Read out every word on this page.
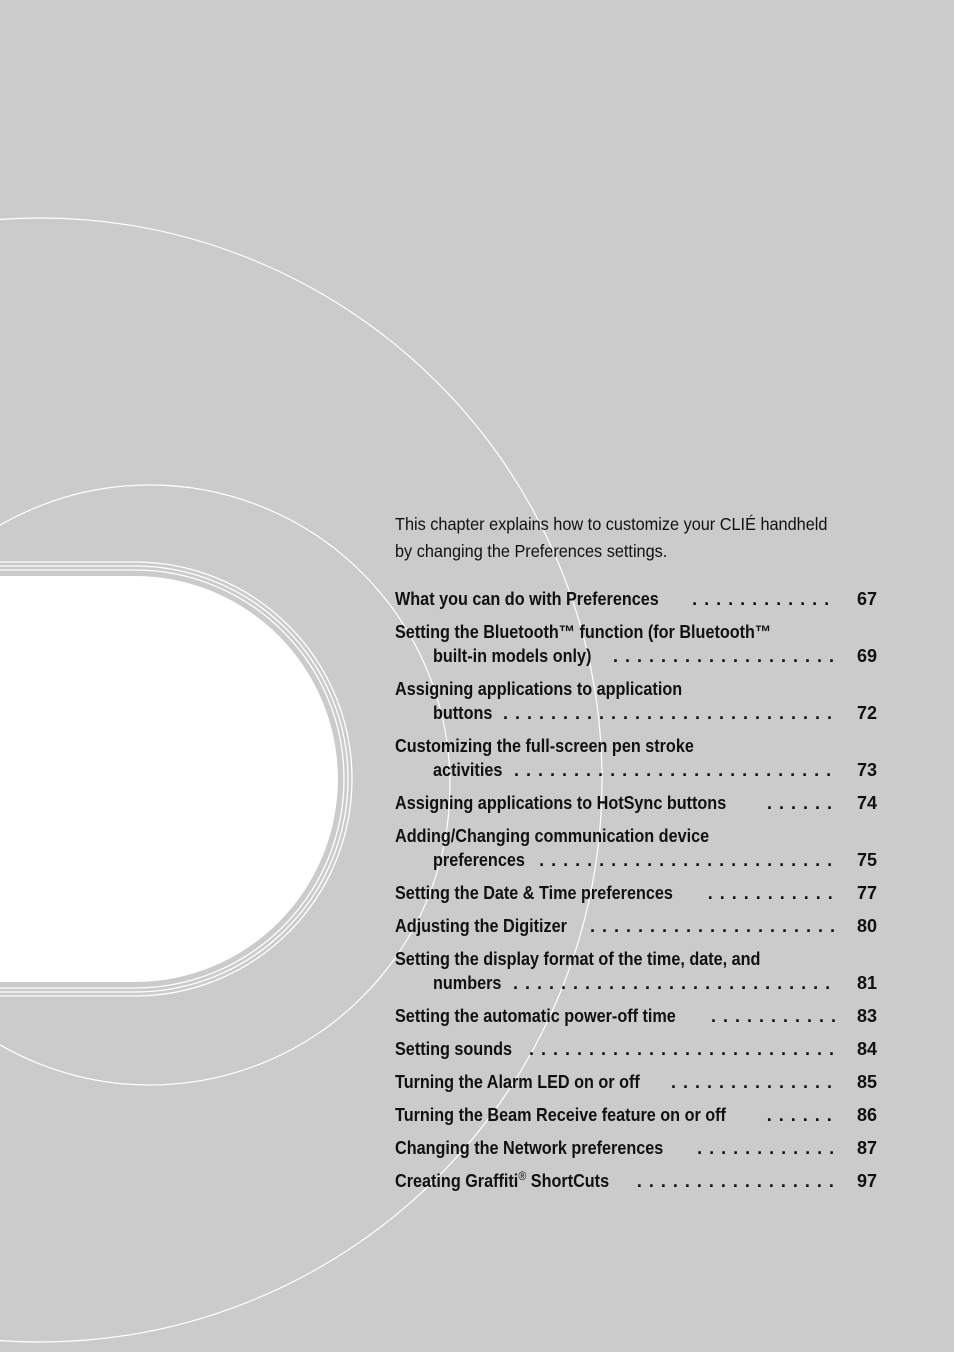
This chapter explains how to customize your CLIÉ handheld
by changing the Preferences settings.

What you can do with Preferences . . .	67
Setting the Bluetooth™ function (for Bluetooth™
built-in models only) . . .	69
Assigning applications to application
buttons . . .	72
Customizing the full-screen pen stroke
activities . . .	73
Assigning applications to HotSync buttons . . .	74
Adding/Changing communication device
preferences . . .	75
Setting the Date & Time preferences . . .	77
Adjusting the Digitizer . . .	80
Setting the display format of the time, date, and
numbers . . .	81
Setting the automatic power-off time . . .	83
Setting sounds . . .	84
Turning the Alarm LED on or off . . .	85
Turning the Beam Receive feature on or off . . .	86
Changing the Network preferences . . .	87
Creating Graffiti® ShortCuts . . .	97
